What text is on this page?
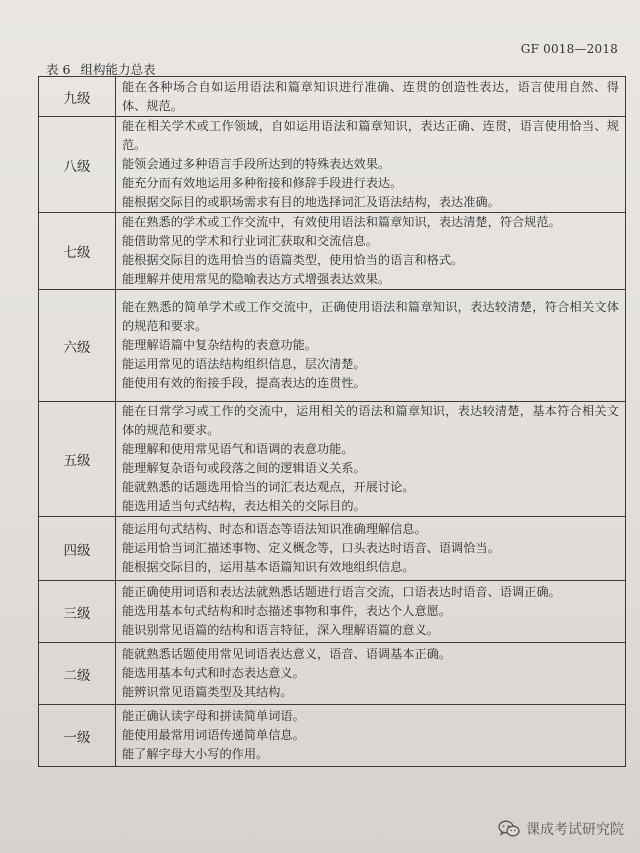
GF 0018—2018
表 6 组构能力总表
九级	能在各种场合自如运用语法和篇章知识进行准确、连贯的创造性表达，语言使用自然、得体、规范。

八级	能在相关学术或工作领域，自如运用语法和篇章知识，表达正确、连贯，语言使用恰当、规范。
能领会通过多种语言手段所达到的特殊表达效果。
能充分而有效地运用多种衔接和修辞手段进行表达。
能根据交际目的或职场需求有目的地选择词汇及语法结构，表达准确。

七级	能在熟悉的学术或工作交流中，有效使用语法和篇章知识，表达清楚，符合规范。
能借助常见的学术和行业词汇获取和交流信息。
能根据交际目的选用恰当的语篇类型，使用恰当的语言和格式。
能理解并使用常见的隐喻表达方式增强表达效果。

六级	能在熟悉的简单学术或工作交流中，正确使用语法和篇章知识，表达较清楚，符合相关文体的规范和要求。
能理解语篇中复杂结构的表意功能。
能运用常见的语法结构组织信息，层次清楚。
能使用有效的衔接手段，提高表达的连贯性。

五级	能在日常学习或工作的交流中，运用相关的语法和篇章知识，表达较清楚，基本符合相关文体的规范和要求。
能理解和使用常见语气和语调的表意功能。
能理解复杂语句或段落之间的逻辑语义关系。
能就熟悉的话题选用恰当的词汇表达观点，开展讨论。
能选用适当句式结构，表达相关的交际目的。

四级	能运用句式结构、时态和语态等语法知识准确理解信息。
能运用恰当词汇描述事物、定义概念等，口头表达时语音、语调恰当。
能根据交际目的，运用基本语篇知识有效地组织信息。

三级	能正确使用词语和表达法就熟悉话题进行语言交流，口语表达时语音、语调正确。
能选用基本句式结构和时态描述事物和事件，表达个人意愿。
能识别常见语篇的结构和语言特征，深入理解语篇的意义。

二级	能就熟悉话题使用常见词语表达意义，语音、语调基本正确。
能选用基本句式和时态表达意义。
能辨识常见语篇类型及其结构。

一级	能正确认读字母和拼读简单词语。
能使用最常用词语传递简单信息。
能了解字母大小写的作用。
课成考试研究院
